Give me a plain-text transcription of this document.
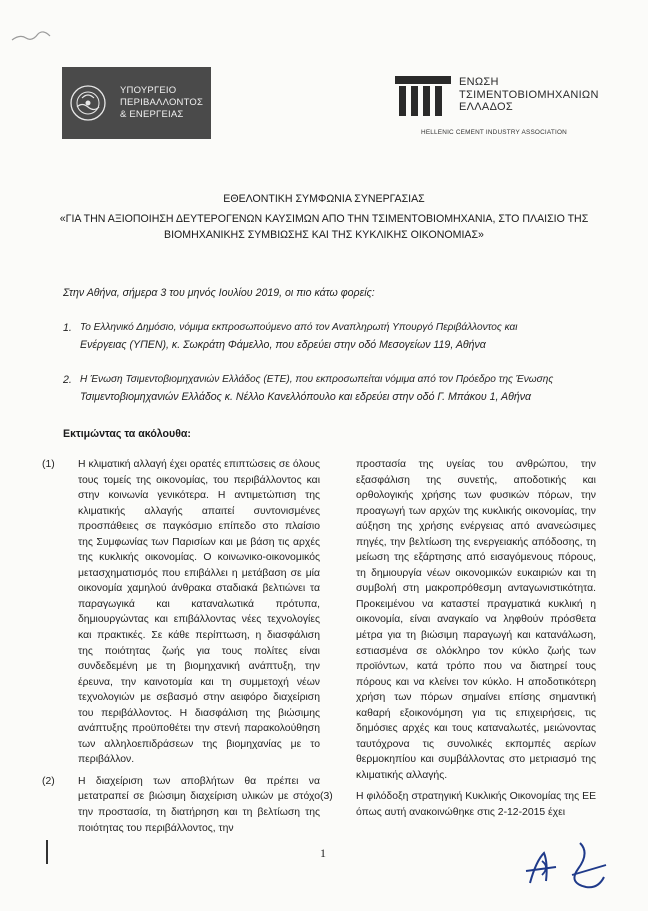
ΥΠΟΥΡΓΕΙΟ
ΠΕΡΙΒΑΛΛΟΝΤΟΣ
& ΕΝΕΡΓΕΙΑΣ
ΕΝΩΣΗ
ΤΣΙΜΕΝΤΟΒΙΟΜΗΧΑΝΙΩΝ
ΕΛΛΑΔΟΣ
HELLENIC CEMENT INDUSTRY ASSOCIATION
ΕΘΕΛΟΝΤΙΚΗ ΣΥΜΦΩΝΙΑ ΣΥΝΕΡΓΑΣΙΑΣ
«ΓΙΑ ΤΗΝ ΑΞΙΟΠΟΙΗΣΗ ΔΕΥΤΕΡΟΓΕΝΩΝ ΚΑΥΣΙΜΩΝ ΑΠΟ ΤΗΝ ΤΣΙΜΕΝΤΟΒΙΟΜΗΧΑΝΙΑ, ΣΤΟ ΠΛΑΙΣΙΟ ΤΗΣ
ΒΙΟΜΗΧΑΝΙΚΗΣ ΣΥΜΒΙΩΣΗΣ ΚΑΙ ΤΗΣ ΚΥΚΛΙΚΗΣ ΟΙΚΟΝΟΜΙΑΣ»
Στην Αθήνα, σήμερα 3 του μηνός Ιουλίου 2019, οι πιο κάτω φορείς:
1. Το Ελληνικό Δημόσιο, νόμιμα εκπροσωπούμενο από τον Αναπληρωτή Υπουργό Περιβάλλοντος και
Ενέργειας (ΥΠΕΝ), κ. Σωκράτη Φάμελλο, που εδρεύει στην οδό Μεσογείων 119, Αθήνα
2. Η Ένωση Τσιμεντοβιομηχανιών Ελλάδος (ΕΤΕ), που εκπροσωπείται νόμιμα από τον Πρόεδρο της Ένωσης
Τσιμεντοβιομηχανιών Ελλάδος κ. Νέλλο Κανελλόπουλο και εδρεύει στην οδό Γ. Μπάκου 1, Αθήνα
Εκτιμώντας τα ακόλουθα:

(1) Η κλιματική αλλαγή έχει ορατές επιπτώσεις σε όλους τους τομείς της οικονομίας, του περιβάλλοντος και στην κοινωνία γενικότερα. Η αντιμετώπιση της κλιματικής αλλαγής απαιτεί συντονισμένες προσπάθειες σε παγκόσμιο επίπεδο στο πλαίσιο της Συμφωνίας των Παρισίων και με βάση τις αρχές της κυκλικής οικονομίας. Ο κοινωνικο-οικονομικός μετασχηματισμός που επιβάλλει η μετάβαση σε μία οικονομία χαμηλού άνθρακα σταδιακά βελτιώνει τα παραγωγικά και καταναλωτικά πρότυπα, δημιουργώντας και επιβάλλοντας νέες τεχνολογίες και πρακτικές. Σε κάθε περίπτωση, η διασφάλιση της ποιότητας ζωής για τους πολίτες είναι συνδεδεμένη με τη βιομηχανική ανάπτυξη, την έρευνα, την καινοτομία και τη συμμετοχή νέων τεχνολογιών με σεβασμό στην αειφόρο διαχείριση του περιβάλλοντος. Η διασφάλιση της βιώσιμης ανάπτυξης προϋποθέτει την στενή παρακολούθηση των αλληλοεπιδράσεων της βιομηχανίας με το περιβάλλον.

(2) Η διαχείριση των αποβλήτων θα πρέπει να μετατραπεί σε βιώσιμη διαχείριση υλικών με στόχο την προστασία, τη διατήρηση και τη βελτίωση της ποιότητας του περιβάλλοντος, την

προστασία της υγείας του ανθρώπου, την εξασφάλιση της συνετής, αποδοτικής και ορθολογικής χρήσης των φυσικών πόρων, την προαγωγή των αρχών της κυκλικής οικονομίας, την αύξηση της χρήσης ενέργειας από ανανεώσιμες πηγές, την βελτίωση της ενεργειακής απόδοσης, τη μείωση της εξάρτησης από εισαγόμενους πόρους, τη δημιουργία νέων οικονομικών ευκαιριών και τη συμβολή στη μακροπρόθεσμη ανταγωνιστικότητα. Προκειμένου να καταστεί πραγματικά κυκλική η οικονομία, είναι αναγκαίο να ληφθούν πρόσθετα μέτρα για τη βιώσιμη παραγωγή και κατανάλωση, εστιασμένα σε ολόκληρο τον κύκλο ζωής των προϊόντων, κατά τρόπο που να διατηρεί τους πόρους και να κλείνει τον κύκλο. Η αποδοτικότερη χρήση των πόρων σημαίνει επίσης σημαντική καθαρή εξοικονόμηση για τις επιχειρήσεις, τις δημόσιες αρχές και τους καταναλωτές, μειώνοντας ταυτόχρονα τις συνολικές εκπομπές αερίων θερμοκηπίου και συμβάλλοντας στο μετριασμό της κλιματικής αλλαγής.

(3) Η φιλόδοξη στρατηγική Κυκλικής Οικονομίας της ΕΕ όπως αυτή ανακοινώθηκε στις 2-12-2015 έχει

1
